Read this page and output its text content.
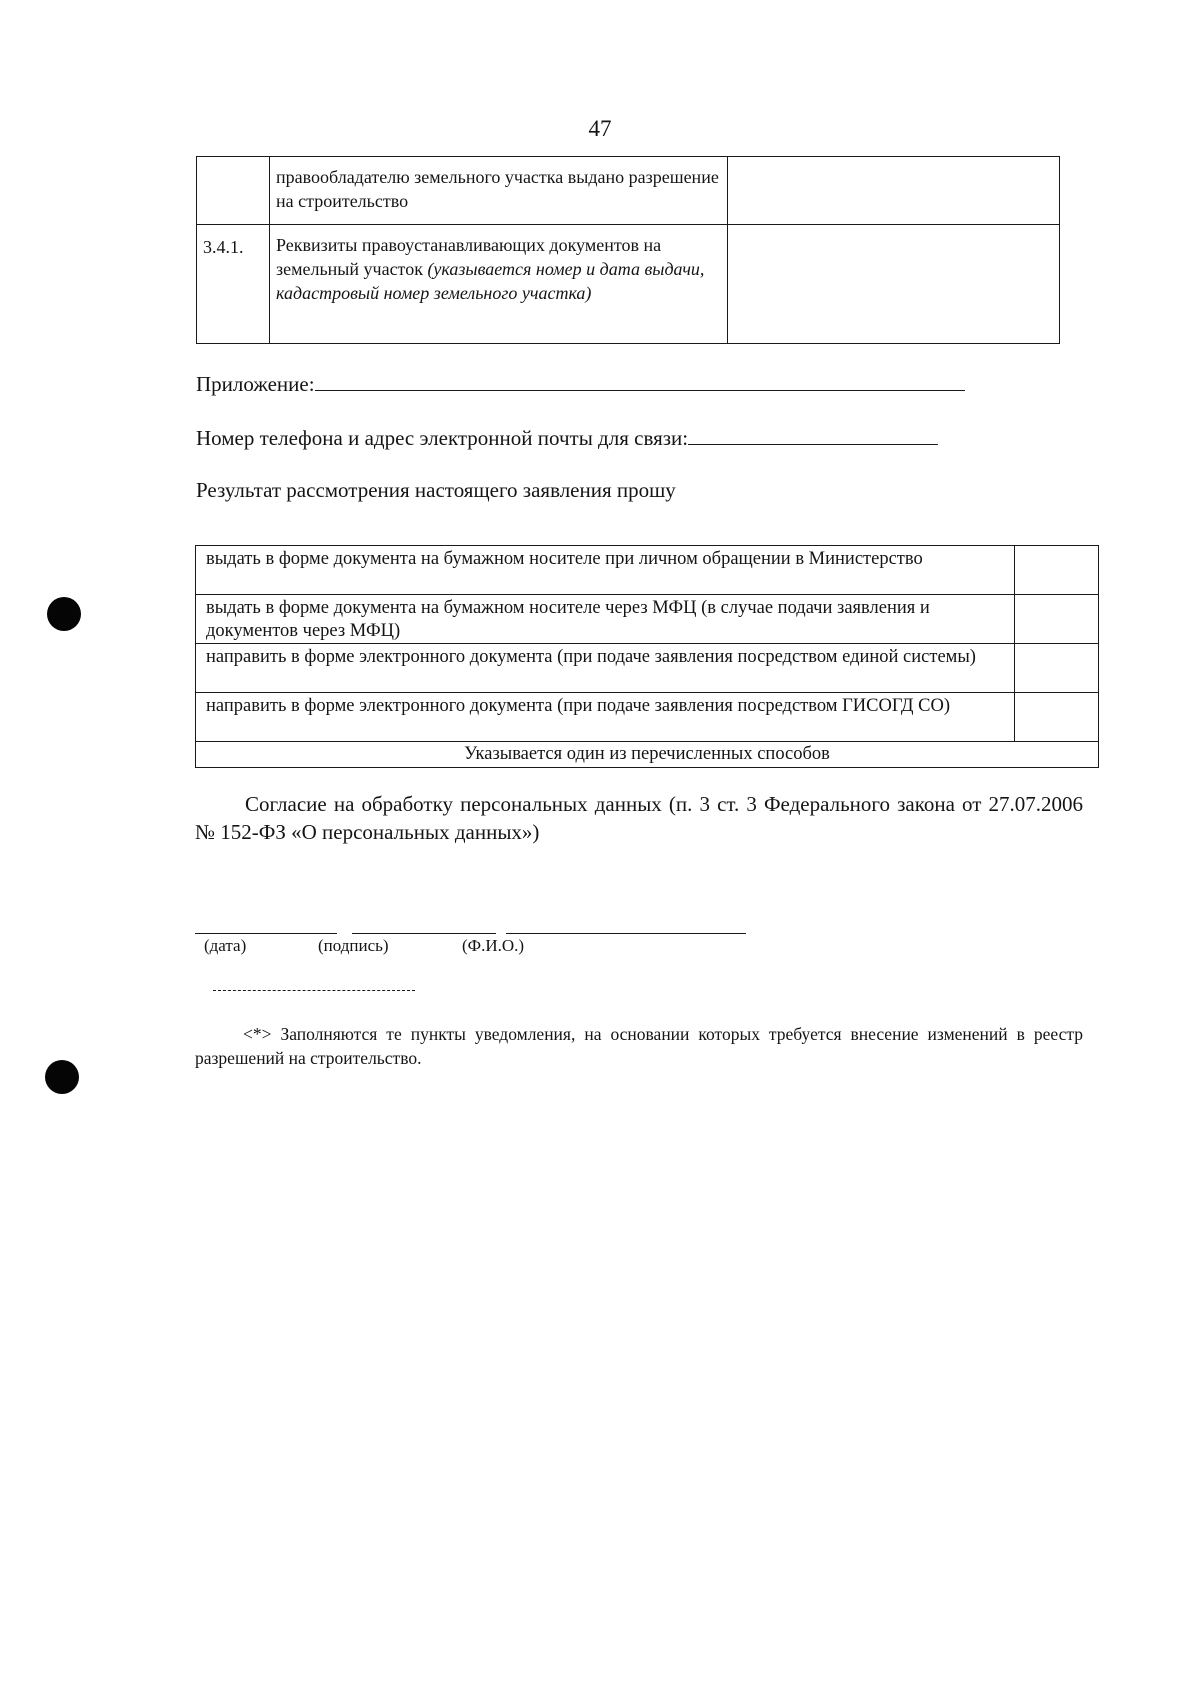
47
	правообладателю земельного участка выдано разрешение на строительство	
3.4.1.	Реквизиты правоустанавливающих документов на земельный участок (указывается номер и дата выдачи, кадастровый номер земельного участка)	
Приложение:
Номер телефона и адрес электронной почты для связи:
Результат рассмотрения настоящего заявления прошу
выдать в форме документа на бумажном носителе при личном обращении в Министерство	
выдать в форме документа на бумажном носителе через МФЦ (в случае подачи заявления и документов через МФЦ)	
направить в форме электронного документа (при подаче заявления посредством единой системы)	
направить в форме электронного документа (при подаче заявления посредством ГИСОГД СО)	
Указывается один из перечисленных способов	
Согласие на обработку персональных данных (п. 3 ст. 3 Федерального закона от 27.07.2006 № 152-ФЗ «О персональных данных»)
(дата)	(подпись)	(Ф.И.О.)
<*> Заполняются те пункты уведомления, на основании которых требуется внесение изменений в реестр разрешений на строительство.
